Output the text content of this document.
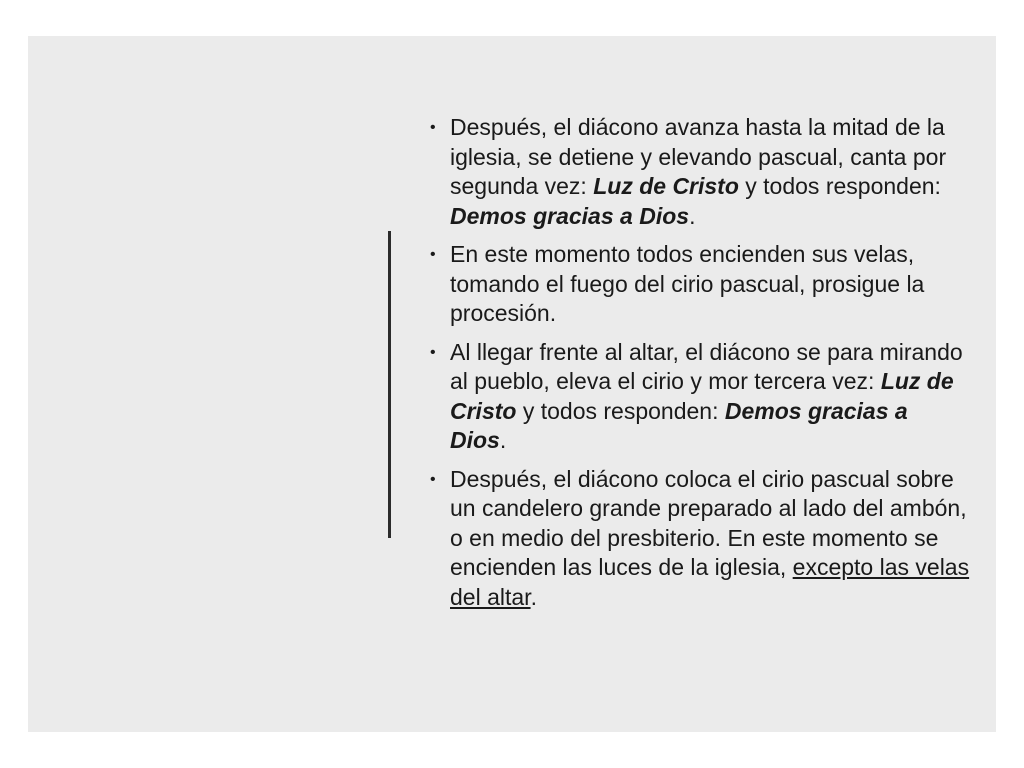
• Después, el diácono avanza hasta la mitad de la iglesia, se detiene y elevando pascual, canta por segunda vez: Luz de Cristo y todos responden: Demos gracias a Dios.
• En este momento todos encienden sus velas, tomando el fuego del cirio pascual, prosigue la procesión.
• Al llegar frente al altar, el diácono se para mirando al pueblo, eleva el cirio y mor tercera vez: Luz de Cristo y todos responden: Demos gracias a Dios.
• Después, el diácono coloca el cirio pascual sobre un candelero grande preparado al lado del ambón, o en medio del presbiterio. En este momento se encienden las luces de la iglesia, excepto las velas del altar.
